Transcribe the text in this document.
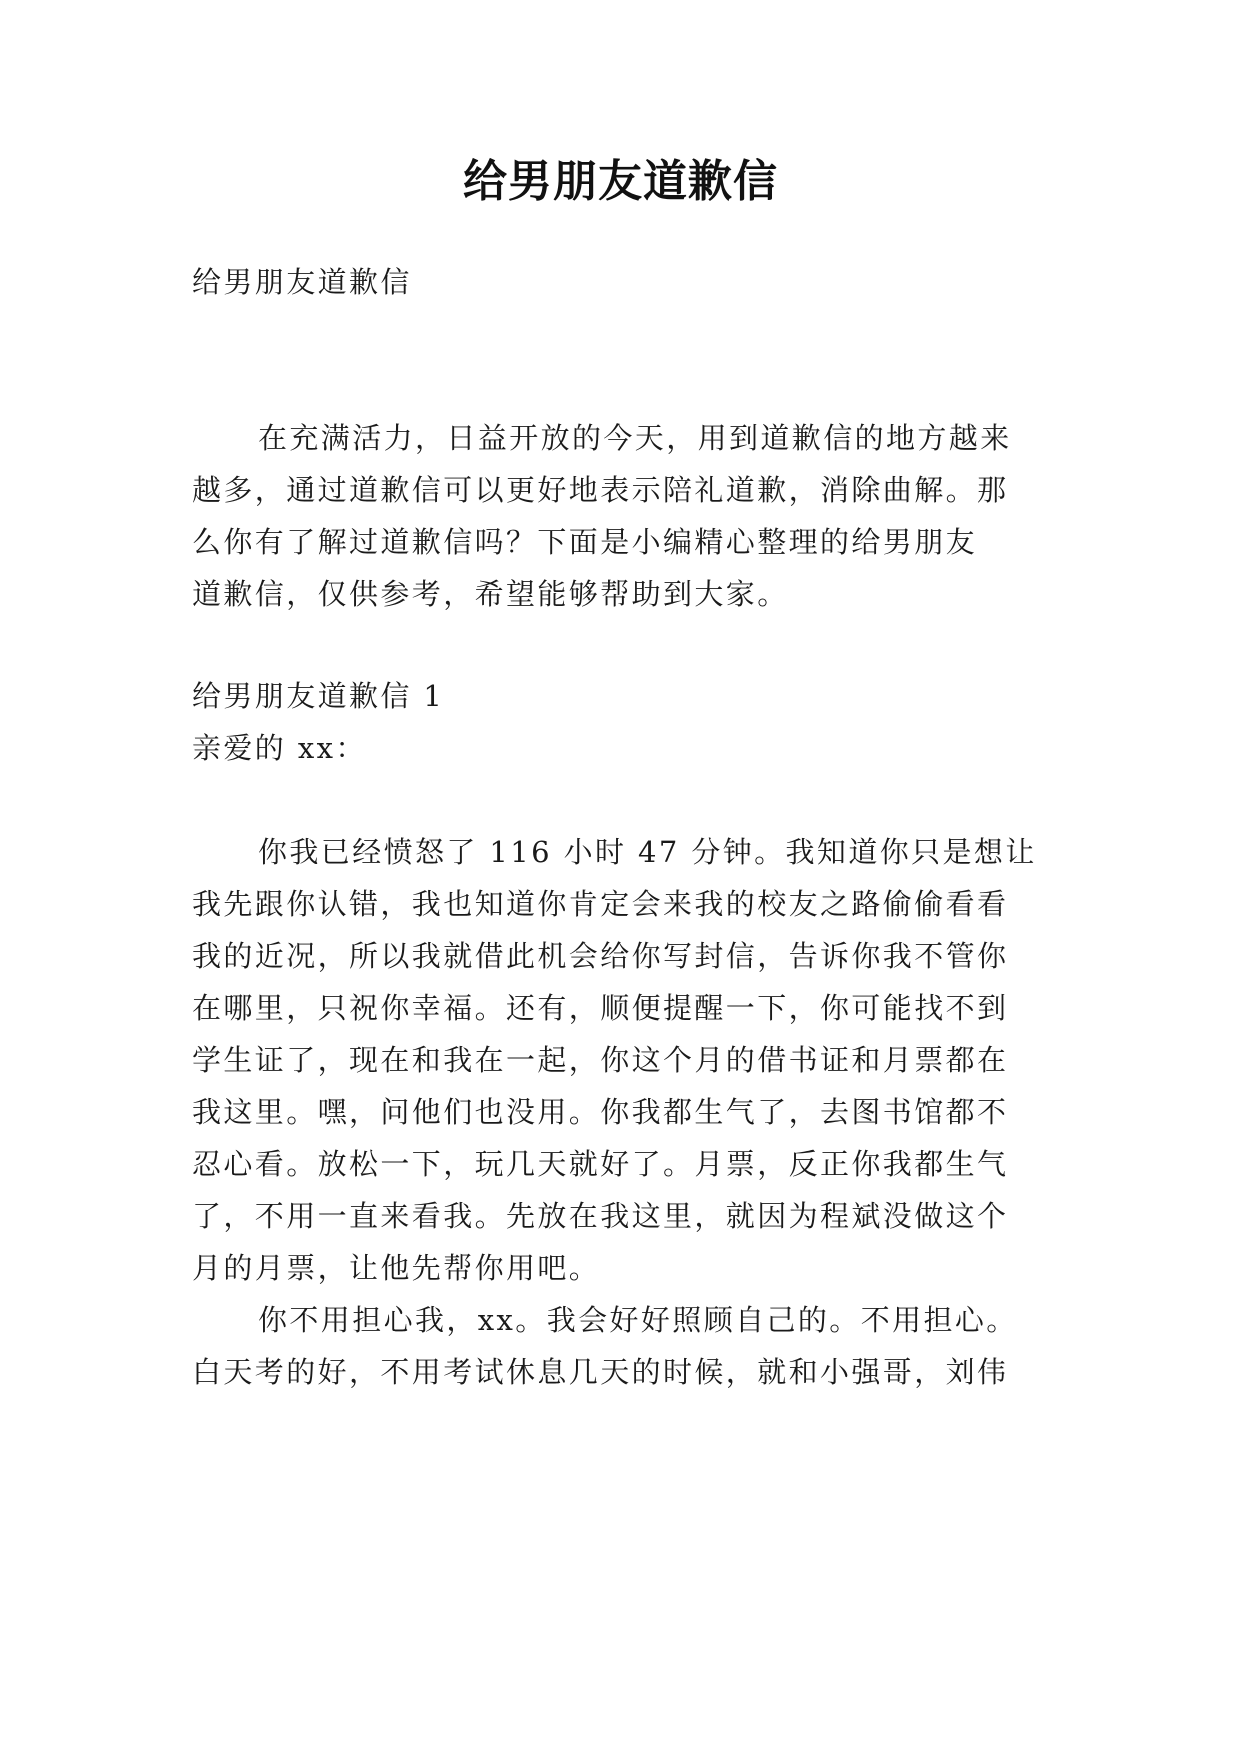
给男朋友道歉信
给男朋友道歉信
在充满活力，日益开放的今天，用到道歉信的地方越来
越多，通过道歉信可以更好地表示陪礼道歉，消除曲解。那
么你有了解过道歉信吗？下面是小编精心整理的给男朋友
道歉信，仅供参考，希望能够帮助到大家。
给男朋友道歉信 1
亲爱的 xx：
你我已经愤怒了 116 小时 47 分钟。我知道你只是想让
我先跟你认错，我也知道你肯定会来我的校友之路偷偷看看
我的近况，所以我就借此机会给你写封信，告诉你我不管你
在哪里，只祝你幸福。还有，顺便提醒一下，你可能找不到
学生证了，现在和我在一起，你这个月的借书证和月票都在
我这里。嘿，问他们也没用。你我都生气了，去图书馆都不
忍心看。放松一下，玩几天就好了。月票，反正你我都生气
了，不用一直来看我。先放在我这里，就因为程斌没做这个
月的月票，让他先帮你用吧。
你不用担心我，xx。我会好好照顾自己的。不用担心。
白天考的好，不用考试休息几天的时候，就和小强哥，刘伟
